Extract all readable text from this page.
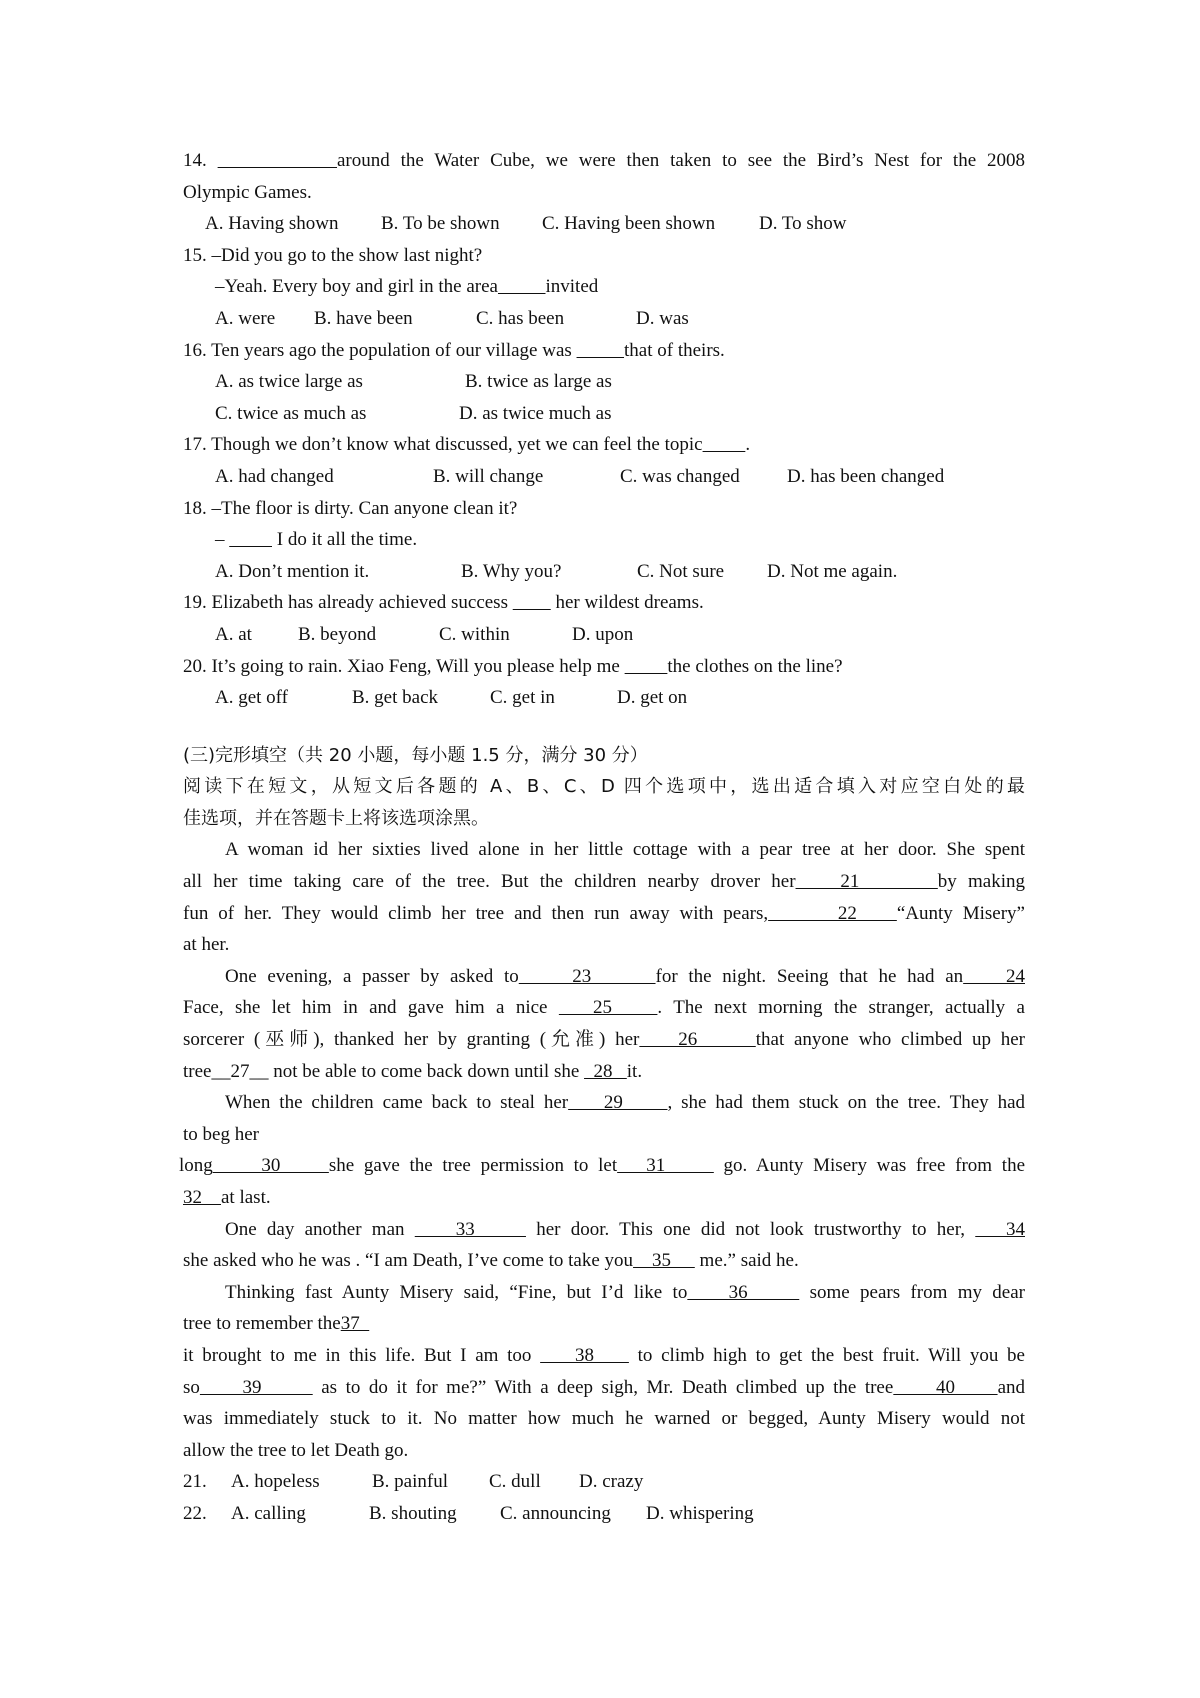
14.	around the Water Cube, we were then taken to see the Bird’s Nest for the 2008
Olympic Games.
A. Having shown B. To be shown C. Having been shown D. To show
15. –Did you go to the show last night?
–Yeah. Every boy and girl in the area	invited
A. were B. have been	C. has been	D. was
16. Ten years ago the population of our village was	that of theirs.
A. as twice large as	B. twice as large as
C. twice as much as	D. as twice much as
17. Though we don’t know what discussed, yet we can feel the topic .
A. had changed	B. will change	C. was changed D. has been changed
18. –The floor is dirty. Can anyone clean it?
–           I do it all the time.
A. Don’t mention it.	B. Why you?	C. Not sure D. Not me again.
19. Elizabeth has already achieved success          her wildest dreams.
A. at B. beyond	C. within	D. upon
20. It’s going to rain. Xiao Feng, Will you please help me          the clothes on the line?
A. get off	B. get back	C. get in	D. get on
(三)完形填空（共 20 小题，每小题 1.5 分，满分 30 分）
阅读下在短文，从短文后各题的 A、B、C、D 四个选项中，选出适合填入对应空白处的最
佳选项，并在答题卡上将该选项涂黑。
A woman id her sixties lived alone in her little cottage with a pear tree at her door. She spent
all her time taking care of the tree. But the children nearby drover her    21       by making
fun of her. They would climb her tree and then run away with pears,       22    “Aunty Misery”
at her.
One evening, a passer by asked to     23      for the night. Seeing that he had an    24
Face, she let him in and gave him a nice    25    . The next morning the stranger, actually a
sorcerer (巫师), thanked her by granting (允准) her    26      that anyone who climbed up her
tree__27__ not be able to come back down until she   28   it.
When the children came back to steal her    29     , she had them stuck on the tree. They had
to beg her
long     30     she gave the tree permission to let   31      go. Aunty Misery was free from the
32    at last.
One day another man     33      her door. This one did not look trustworthy to her,    34
she asked who he was . “I am Death, I’ve come to take you    35      me.” said he.
Thinking fast Aunty Misery said, “Fine, but I’d like to    36      some pears from my dear
tree to remember the37
it brought to me in this life. But I am too     38     to climb high to get the best fruit. Will you be
so     39       as to do it for me?” With a deep sigh, Mr. Death climbed up the tree     40     and
was immediately stuck to it. No matter how much he warned or begged, Aunty Misery would not
allow the tree to let Death go.
21. A. hopeless	B. painful C. dull D. crazy
22. A. calling	B. shouting C. announcing D. whispering
